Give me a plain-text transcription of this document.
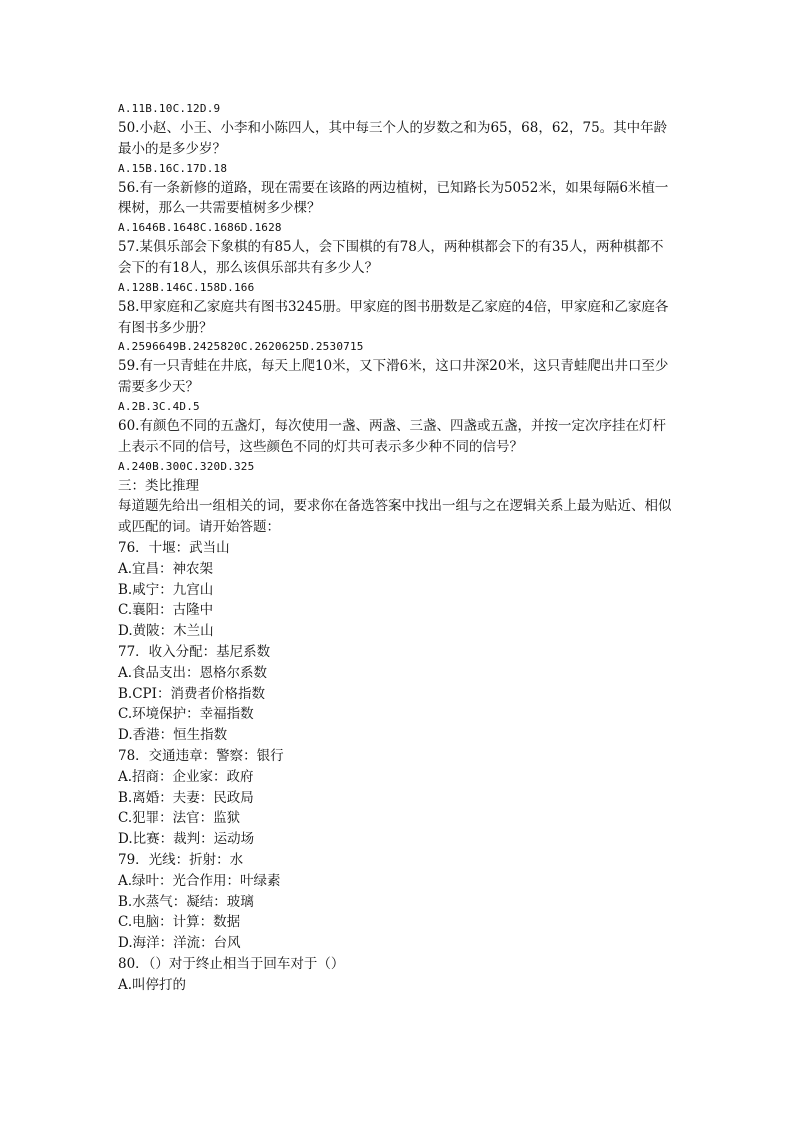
A.11B.10C.12D.9

50.小赵、小王、小李和小陈四人，其中每三个人的岁数之和为65，68，62，75。其中年龄最小的是多少岁？

A.15B.16C.17D.18

56.有一条新修的道路，现在需要在该路的两边植树，已知路长为5052米，如果每隔6米植一棵树，那么一共需要植树多少棵？

A.1646B.1648C.1686D.1628

57.某俱乐部会下象棋的有85人，会下围棋的有78人，两种棋都会下的有35人，两种棋都不会下的有18人，那么该俱乐部共有多少人？

A.128B.146C.158D.166

58.甲家庭和乙家庭共有图书3245册。甲家庭的图书册数是乙家庭的4倍，甲家庭和乙家庭各有图书多少册？

A.2596649B.2425820C.2620625D.2530715

59.有一只青蛙在井底，每天上爬10米，又下滑6米，这口井深20米，这只青蛙爬出井口至少需要多少天？

A.2B.3C.4D.5

60.有颜色不同的五盏灯，每次使用一盏、两盏、三盏、四盏或五盏，并按一定次序挂在灯杆上表示不同的信号，这些颜色不同的灯共可表示多少种不同的信号？

A.240B.300C.320D.325

三：类比推理

每道题先给出一组相关的词，要求你在备选答案中找出一组与之在逻辑关系上最为贴近、相似或匹配的词。请开始答题：

76．十堰：武当山

A.宜昌：神农架

B.咸宁：九宫山

C.襄阳：古隆中

D.黄陂：木兰山

77．收入分配：基尼系数

A.食品支出：恩格尔系数

B.CPI：消费者价格指数

C.环境保护：幸福指数

D.香港：恒生指数

78．交通违章：警察：银行

A.招商：企业家：政府

B.离婚：夫妻：民政局

C.犯罪：法官：监狱

D.比赛：裁判：运动场

79．光线：折射：水

A.绿叶：光合作用：叶绿素

B.水蒸气：凝结：玻璃

C.电脑：计算：数据

D.海洋：洋流：台风

80．（）对于终止相当于回车对于（）

A.叫停打的
